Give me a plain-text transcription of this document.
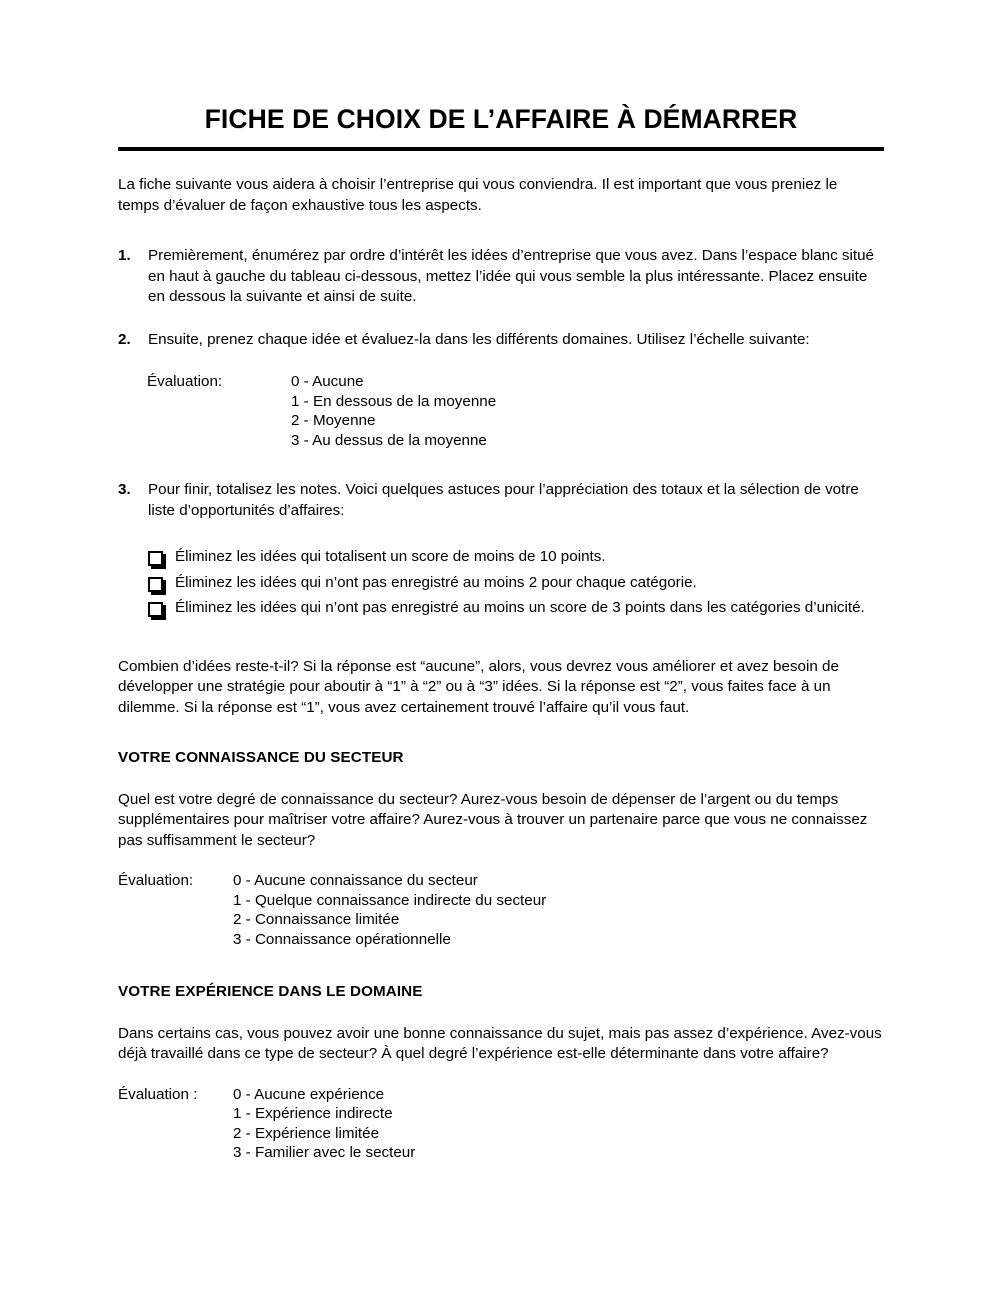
FICHE DE CHOIX DE L’AFFAIRE À DÉMARRER

La fiche suivante vous aidera à choisir l’entreprise qui vous conviendra. Il est important que vous preniez le temps d’évaluer de façon exhaustive tous les aspects.

1.	Premièrement, énumérez par ordre d’intérêt les idées d’entreprise que vous avez. Dans l’espace blanc situé en haut à gauche du tableau ci-dessous, mettez l’idée qui vous semble la plus intéressante. Placez ensuite en dessous la suivante et ainsi de suite.
2.	Ensuite, prenez chaque idée et évaluez-la dans les différents domaines. Utilisez l’échelle suivante:
Évaluation:	0 - Aucune
1 - En dessous de la moyenne
2 - Moyenne
3 - Au dessus de la moyenne
3.	Pour finir, totalisez les notes. Voici quelques astuces pour l’appréciation des totaux et la sélection de votre liste d’opportunités d’affaires:
Éliminez les idées qui totalisent un score de moins de 10 points.
Éliminez les idées qui n’ont pas enregistré au moins 2 pour chaque catégorie.
Éliminez les idées qui n’ont pas enregistré au moins un score de 3 points dans les catégories d’unicité.

Combien d’idées reste-t-il? Si la réponse est “aucune”, alors, vous devrez vous améliorer et avez besoin de développer une stratégie pour aboutir à “1” à “2” ou à “3” idées. Si la réponse est “2”, vous faites face à un dilemme. Si la réponse est “1”, vous avez certainement trouvé l’affaire qu’il vous faut.

VOTRE CONNAISSANCE DU SECTEUR

Quel est votre degré de connaissance du secteur? Aurez-vous besoin de dépenser de l’argent ou du temps supplémentaires pour maîtriser votre affaire? Aurez-vous à trouver un partenaire parce que vous ne connaissez pas suffisamment le secteur?

Évaluation:	0 - Aucune connaissance du secteur
1 - Quelque connaissance indirecte du secteur
2 - Connaissance limitée
3 - Connaissance opérationnelle
VOTRE EXPÉRIENCE DANS LE DOMAINE

Dans certains cas, vous pouvez avoir une bonne connaissance du sujet, mais pas assez d’expérience. Avez-vous déjà travaillé dans ce type de secteur? À quel degré l’expérience est-elle déterminante dans votre affaire?

Évaluation :	0 - Aucune expérience
1 - Expérience indirecte
2 - Expérience limitée
3 - Familier avec le secteur
